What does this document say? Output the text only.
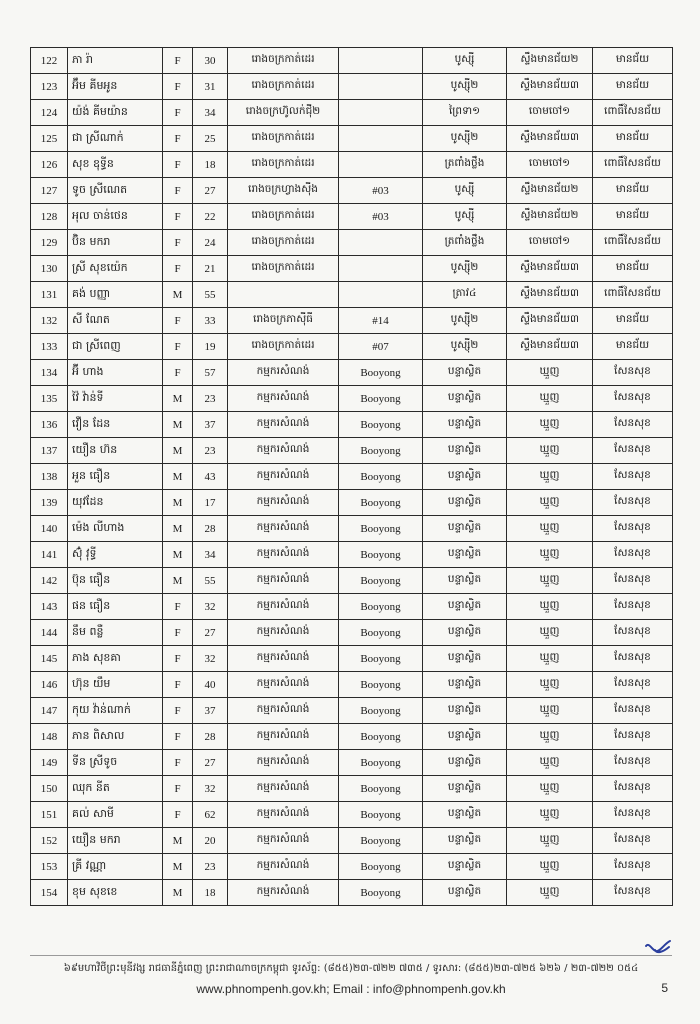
122	ភា រ៉ា	F	30	រោងចក្រកាត់ដេរ		បូស្ស៊ី	ស្ទឹងមានជ័យ២	មានជ័យ
123	អ៊ឹម គីមអូន	F	31	រោងចក្រកាត់ដេរ		បូស្ស៊ី២	ស្ទឹងមានជ័យ៣	មានជ័យ
124	យ៉ង់ គីមយ៉ាន	F	34	រោងចក្រហ៊ូលក់ជ៉ី២		ព្រៃទា១	ចោមចៅ១	ពោធិ៍សែនជ័យ
125	ជា ស្រីណាក់	F	25	រោងចក្រកាត់ដេរ		បូស្ស៊ី២	ស្ទឹងមានជ័យ៣	មានជ័យ
126	សុខ ឧុទ្ធីន	F	18	រោងចក្រកាត់ដេរ		ត្រពាំងថ្លឹង	ចោមចៅ១	ពោធិ៍សែនជ័យ
127	ទូច ស្រីណេត	F	27	រោងចក្រហ្វាងស៊ីង	#03	បូស្ស៊ី	ស្ទឹងមានជ័យ២	មានជ័យ
128	អុល ចាន់ថេន	F	22	រោងចក្រកាត់ដេរ	#03	បូស្ស៊ី	ស្ទឹងមានជ័យ២	មានជ័យ
129	ប៊ិន មករា	F	24	រោងចក្រកាត់ដេរ		ត្រពាំងថ្លឹង	ចោមចៅ១	ពោធិ៍សែនជ័យ
130	ស្រី សុខយ៉េក	F	21	រោងចក្រកាត់ដេរ		បូស្ស៊ី២	ស្ទឹងមានជ័យ៣	មានជ័យ
131	គង់ បញ្ញា	M	55			ត្រាវ៤	ស្ទឹងមានជ័យ៣	ពោធិ៍សែនជ័យ
132	សី ណែត	F	33	រោងចក្រភាស៊ីធី	#14	បូស្ស៊ី២	ស្ទឹងមានជ័យ៣	មានជ័យ
133	ជា ស្រីពេញ	F	19	រោងចក្រកាត់ដេរ	#07	បូស្ស៊ី២	ស្ទឹងមានជ័យ៣	មានជ័យ
134	អ៊ី ហាង	F	57	កម្មករសំណង់	Booyong	បន្ទាស្លិត	ឃ្មួញ	សែនសុខ
135	វ៉ៃ វ៉ាន់ទី	M	23	កម្មករសំណង់	Booyong	បន្ទាស្លិត	ឃ្មួញ	សែនសុខ
136	វឿន ដែន	M	37	កម្មករសំណង់	Booyong	បន្ទាស្លិត	ឃ្មួញ	សែនសុខ
137	យឿន ហ៊ន	M	23	កម្មករសំណង់	Booyong	បន្ទាស្លិត	ឃ្មួញ	សែនសុខ
138	អួន ធឿន	M	43	កម្មករសំណង់	Booyong	បន្ទាស្លិត	ឃ្មួញ	សែនសុខ
139	យុវដែន	M	17	កម្មករសំណង់	Booyong	បន្ទាស្លិត	ឃ្មួញ	សែនសុខ
140	ម៉េង លីហាង	M	28	កម្មករសំណង់	Booyong	បន្ទាស្លិត	ឃ្មួញ	សែនសុខ
141	ស៊ុំ វុទ្ធី	M	34	កម្មករសំណង់	Booyong	បន្ទាស្លិត	ឃ្មួញ	សែនសុខ
142	ប៊ុន ធឿន	M	55	កម្មករសំណង់	Booyong	បន្ទាស្លិត	ឃ្មួញ	សែនសុខ
143	ផន ធឿន	F	32	កម្មករសំណង់	Booyong	បន្ទាស្លិត	ឃ្មួញ	សែនសុខ
144	នឹម ពន្លឺ	F	27	កម្មករសំណង់	Booyong	បន្ទាស្លិត	ឃ្មួញ	សែនសុខ
145	ភាង សុខគា	F	32	កម្មករសំណង់	Booyong	បន្ទាស្លិត	ឃ្មួញ	សែនសុខ
146	ហ៊ុន យឹម	F	40	កម្មករសំណង់	Booyong	បន្ទាស្លិត	ឃ្មួញ	សែនសុខ
147	កុយ វ៉ាន់ណាក់	F	37	កម្មករសំណង់	Booyong	បន្ទាស្លិត	ឃ្មួញ	សែនសុខ
148	ភាន ពិសាល	F	28	កម្មករសំណង់	Booyong	បន្ទាស្លិត	ឃ្មួញ	សែនសុខ
149	ទីន ស្រីទូច	F	27	កម្មករសំណង់	Booyong	បន្ទាស្លិត	ឃ្មួញ	សែនសុខ
150	ឈុក នីត	F	32	កម្មករសំណង់	Booyong	បន្ទាស្លិត	ឃ្មួញ	សែនសុខ
151	គល់ សាមី	F	62	កម្មករសំណង់	Booyong	បន្ទាស្លិត	ឃ្មួញ	សែនសុខ
152	យឿន មករា	M	20	កម្មករសំណង់	Booyong	បន្ទាស្លិត	ឃ្មួញ	សែនសុខ
153	គ្រី វណ្ណា	M	23	កម្មករសំណង់	Booyong	បន្ទាស្លិត	ឃ្មួញ	សែនសុខ
154	ខុម សុខខេ	M	18	កម្មករសំណង់	Booyong	បន្ទាស្លិត	ឃ្មួញ	សែនសុខ
៦៩មហាវិថីព្រះមុនីវង្ស រាជធានីភ្នំពេញ ព្រះរាជាណាចក្រកម្ពុជា ទូរស័ព្ទ: (៨៥៥)២៣-៧២២ ៧៣៥ / ទូរសារ: (៨៥៥)២៣-៧២៥ ៦២៦ / ២៣-៧២២ ០៥៤
www.phnompenh.gov.kh; Email : info@phnompenh.gov.kh	5
